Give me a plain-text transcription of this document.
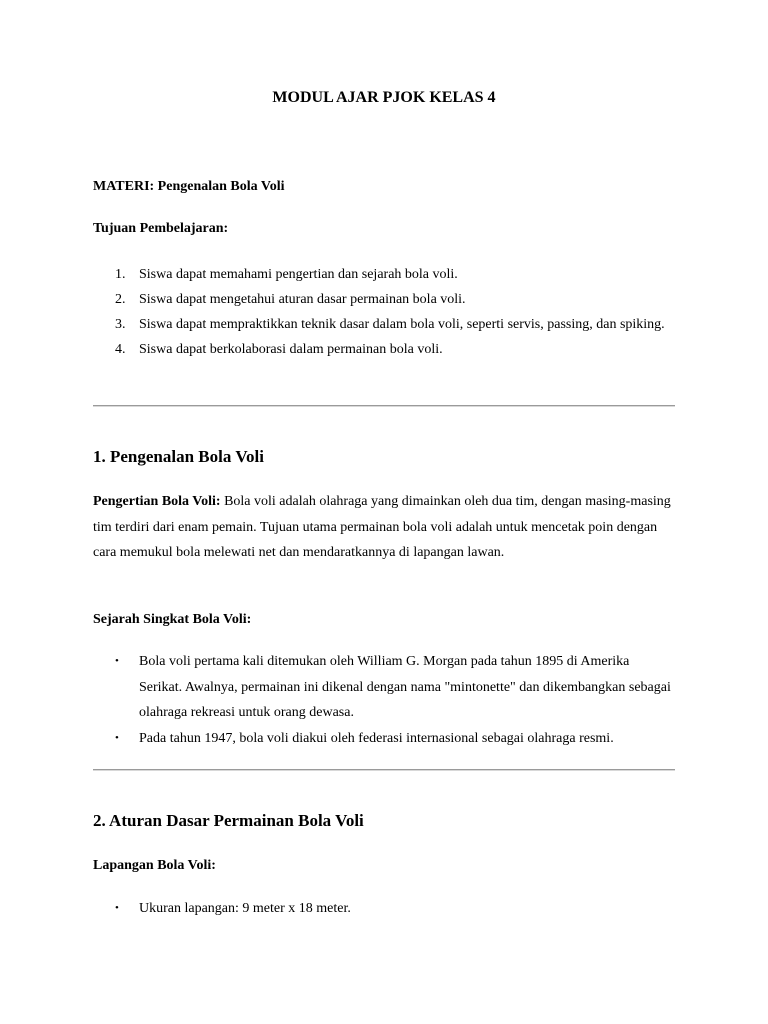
MODUL AJAR PJOK KELAS 4
MATERI: Pengenalan Bola Voli
Tujuan Pembelajaran:
1. Siswa dapat memahami pengertian dan sejarah bola voli.
2. Siswa dapat mengetahui aturan dasar permainan bola voli.
3. Siswa dapat mempraktikkan teknik dasar dalam bola voli, seperti servis, passing, dan spiking.
4. Siswa dapat berkolaborasi dalam permainan bola voli.
1. Pengenalan Bola Voli

Pengertian Bola Voli: Bola voli adalah olahraga yang dimainkan oleh dua tim, dengan masing-masing tim terdiri dari enam pemain. Tujuan utama permainan bola voli adalah untuk mencetak poin dengan cara memukul bola melewati net dan mendaratkannya di lapangan lawan.

Sejarah Singkat Bola Voli:
• Bola voli pertama kali ditemukan oleh William G. Morgan pada tahun 1895 di Amerika Serikat. Awalnya, permainan ini dikenal dengan nama "mintonette" dan dikembangkan sebagai olahraga rekreasi untuk orang dewasa.
• Pada tahun 1947, bola voli diakui oleh federasi internasional sebagai olahraga resmi.
2. Aturan Dasar Permainan Bola Voli
Lapangan Bola Voli:
• Ukuran lapangan: 9 meter x 18 meter.
